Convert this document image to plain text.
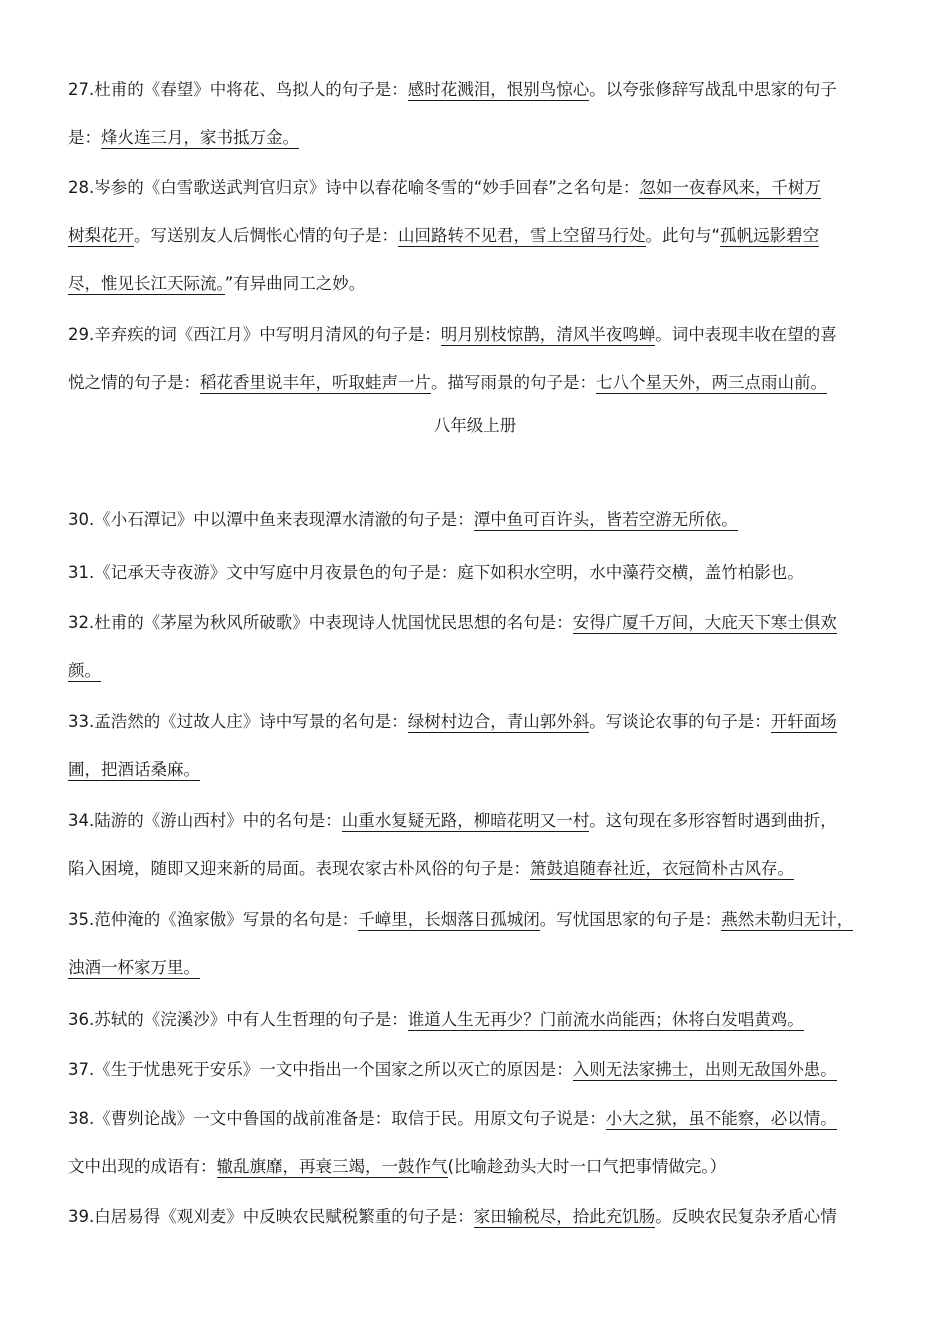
八年级上册
27.杜甫的《春望》中将花、鸟拟人的句子是：感时花溅泪，恨别鸟惊心。以夸张修辞写战乱中思家的句子
是：烽火连三月，家书抵万金。
28.岑参的《白雪歌送武判官归京》诗中以春花喻冬雪的“妙手回春”之名句是：忽如一夜春风来，千树万
树梨花开。写送别友人后惆怅心情的句子是：山回路转不见君，雪上空留马行处。此句与“孤帆远影碧空
尽，惟见长江天际流。”有异曲同工之妙。
29.辛弃疾的词《西江月》中写明月清风的句子是：明月别枝惊鹊，清风半夜鸣蝉。词中表现丰收在望的喜
悦之情的句子是：稻花香里说丰年，听取蛙声一片。描写雨景的句子是：七八个星天外，两三点雨山前。
30.《小石潭记》中以潭中鱼来表现潭水清澈的句子是：潭中鱼可百许头，皆若空游无所依。
31.《记承天寺夜游》文中写庭中月夜景色的句子是：庭下如积水空明，水中藻荇交横，盖竹柏影也。
32.杜甫的《茅屋为秋风所破歌》中表现诗人忧国忧民思想的名句是：安得广厦千万间，大庇天下寒士俱欢
颜。
33.孟浩然的《过故人庄》诗中写景的名句是：绿树村边合，青山郭外斜。写谈论农事的句子是：开轩面场
圃，把酒话桑麻。
34.陆游的《游山西村》中的名句是：山重水复疑无路，柳暗花明又一村。这句现在多形容暂时遇到曲折，
陷入困境，随即又迎来新的局面。表现农家古朴风俗的句子是：箫鼓追随春社近，衣冠简朴古风存。
35.范仲淹的《渔家傲》写景的名句是：千嶂里，长烟落日孤城闭。写忧国思家的句子是：燕然未勒归无计，
浊酒一杯家万里。
36.苏轼的《浣溪沙》中有人生哲理的句子是：谁道人生无再少？门前流水尚能西；休将白发唱黄鸡。
37.《生于忧患死于安乐》一文中指出一个国家之所以灭亡的原因是：入则无法家拂士，出则无敌国外患。
38.《曹刿论战》一文中鲁国的战前准备是：取信于民。用原文句子说是：小大之狱，虽不能察，必以情。
文中出现的成语有：辙乱旗靡，再衰三竭，一鼓作气(比喻趁劲头大时一口气把事情做完。）
39.白居易得《观刈麦》中反映农民赋税繁重的句子是：家田输税尽，拾此充饥肠。反映农民复杂矛盾心情
